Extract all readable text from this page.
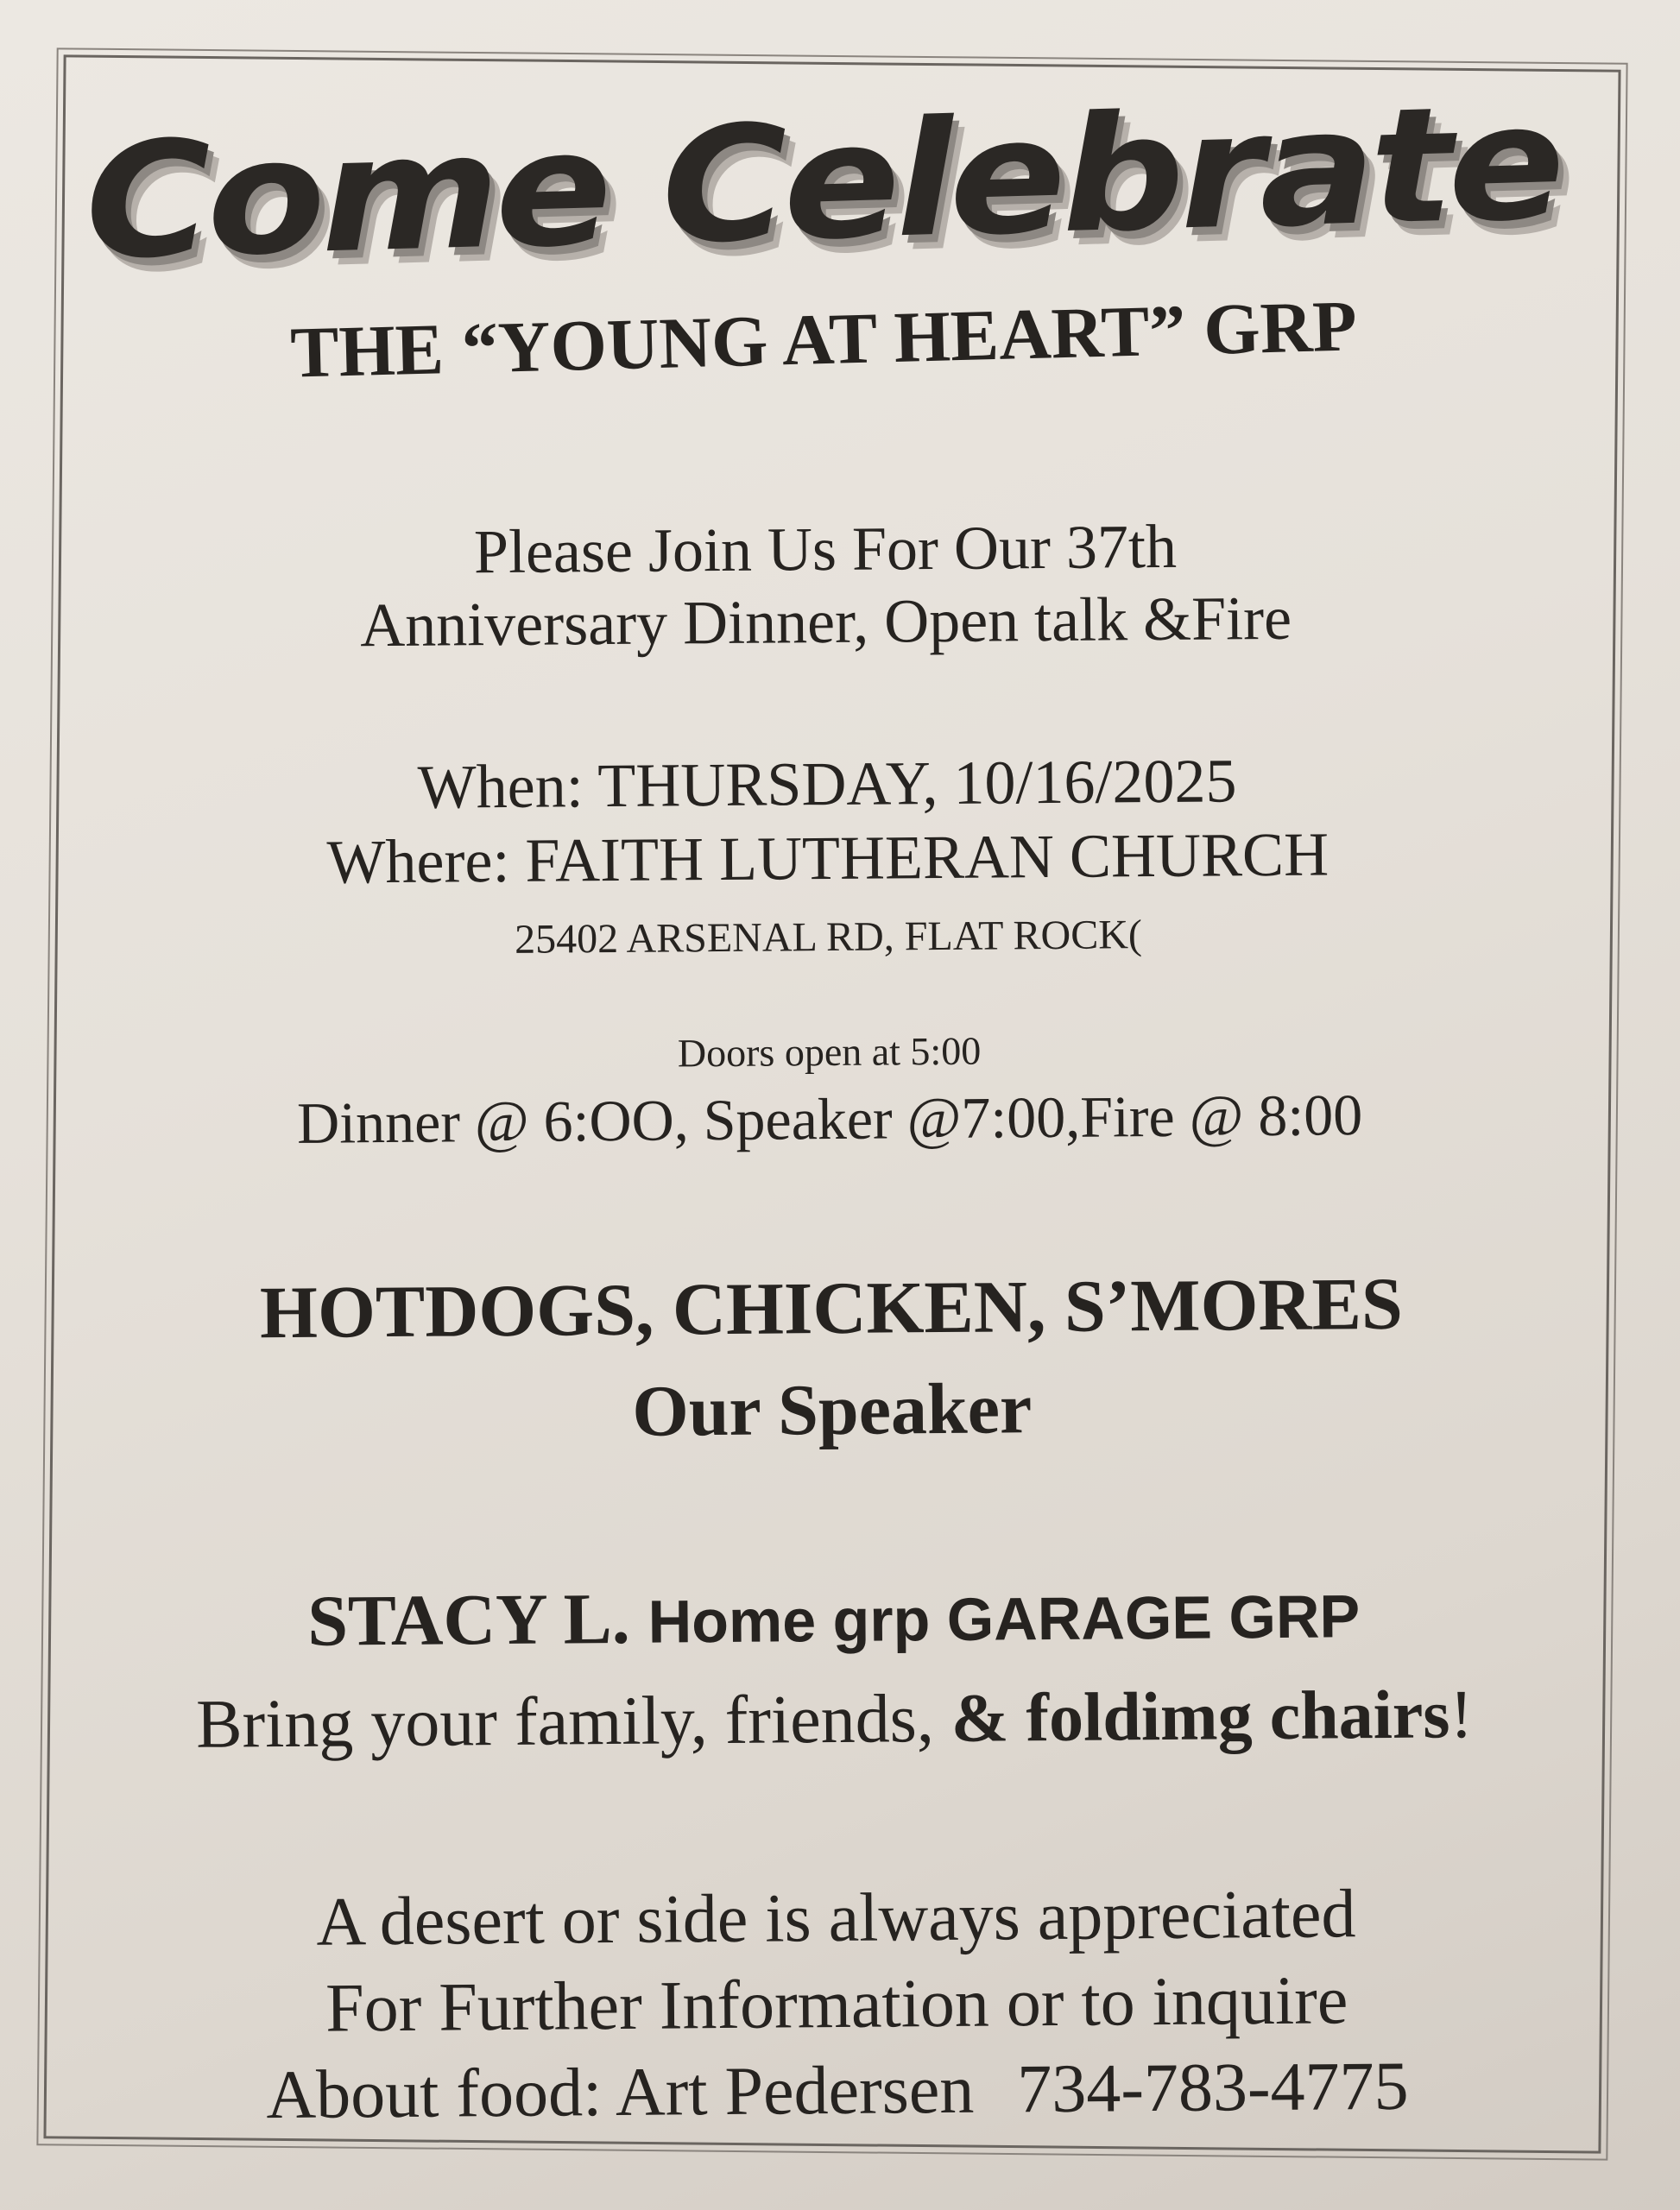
Come Celebrate
THE “YOUNG AT HEART” GRP
Please Join Us For Our 37th
Anniversary Dinner, Open talk &Fire
When: THURSDAY, 10/16/2025
Where: FAITH LUTHERAN CHURCH
25402 ARSENAL RD, FLAT ROCK(
Doors open at 5:00
Dinner @ 6:OO, Speaker @7:00,Fire @ 8:00
HOTDOGS, CHICKEN, S’MORES
Our Speaker
STACY L. Home grp GARAGE GRP
Bring your family, friends, & foldimg chairs!
A desert or side is always appreciated
For Further Information or to inquire
About food: Art Pedersen 734-783-4775
